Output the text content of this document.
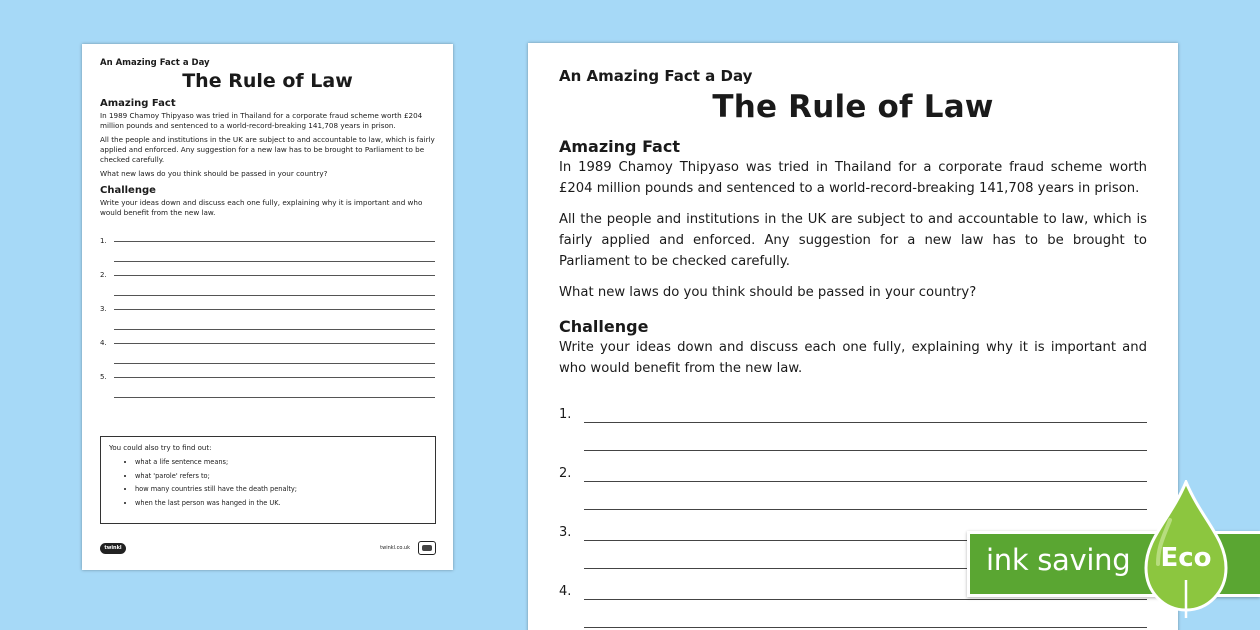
An Amazing Fact a Day
The Rule of Law
Amazing Fact
In 1989 Chamoy Thipyaso was tried in Thailand for a corporate fraud scheme worth £204 million pounds and sentenced to a world-record-breaking 141,708 years in prison.
All the people and institutions in the UK are subject to and accountable to law, which is fairly applied and enforced. Any suggestion for a new law has to be brought to Parliament to be checked carefully.
What new laws do you think should be passed in your country?
Challenge
Write your ideas down and discuss each one fully, explaining why it is important and who would benefit from the new law.
1.
2.
3.
4.
5.
You could also try to find out:
• what a life sentence means;
• what 'parole' refers to;
• how many countries still have the death penalty;
• when the last person was hanged in the UK.
twinkl	twinkl.co.uk
An Amazing Fact a Day
The Rule of Law
Amazing Fact
In 1989 Chamoy Thipyaso was tried in Thailand for a corporate fraud scheme worth £204 million pounds and sentenced to a world-record-breaking 141,708 years in prison.
All the people and institutions in the UK are subject to and accountable to law, which is fairly applied and enforced. Any suggestion for a new law has to be brought to Parliament to be checked carefully.
What new laws do you think should be passed in your country?
Challenge
Write your ideas down and discuss each one fully, explaining why it is important and who would benefit from the new law.
1.
2.
3.
4.
ink saving Eco
